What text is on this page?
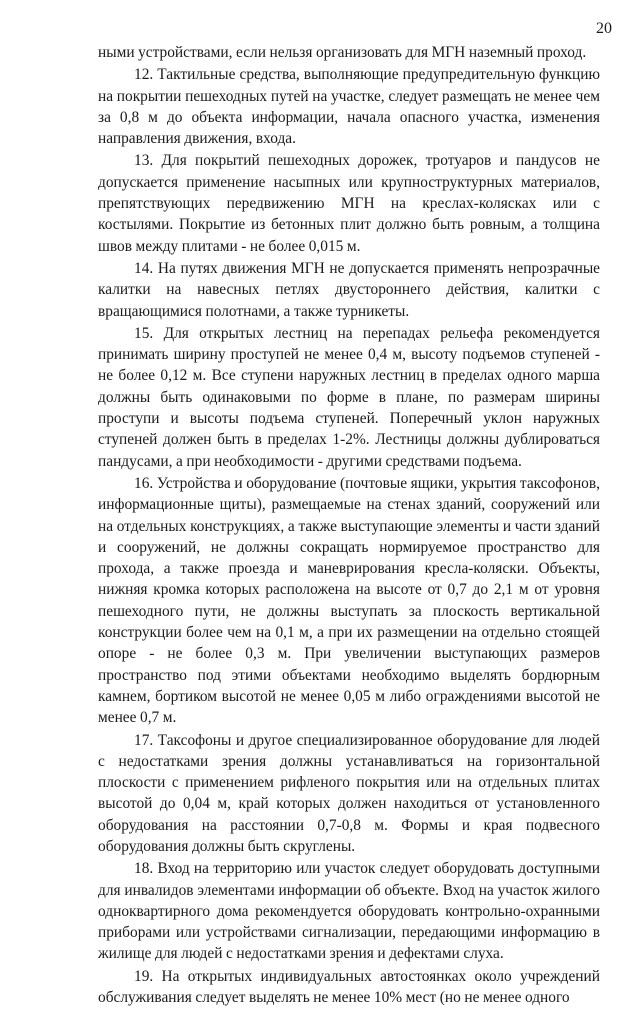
20

ными устройствами, если нельзя организовать для МГН наземный проход.

12. Тактильные средства, выполняющие предупредительную функцию на покрытии пешеходных путей на участке, следует размещать не менее чем за 0,8 м до объекта информации, начала опасного участка, изменения направления движения, входа.

13. Для покрытий пешеходных дорожек, тротуаров и пандусов не допускается применение насыпных или крупноструктурных материалов, препятствующих передвижению МГН на креслах-колясках или с костылями. Покрытие из бетонных плит должно быть ровным, а толщина швов между плитами - не более 0,015 м.

14. На путях движения МГН не допускается применять непрозрачные калитки на навесных петлях двустороннего действия, калитки с вращающимися полотнами, а также турникеты.

15. Для открытых лестниц на перепадах рельефа рекомендуется принимать ширину проступей не менее 0,4 м, высоту подъемов ступеней - не более 0,12 м. Все ступени наружных лестниц в пределах одного марша должны быть одинаковыми по форме в плане, по размерам ширины проступи и высоты подъема ступеней. Поперечный уклон наружных ступеней должен быть в пределах 1-2%. Лестницы должны дублироваться пандусами, а при необходимости - другими средствами подъема.

16. Устройства и оборудование (почтовые ящики, укрытия таксофонов, информационные щиты), размещаемые на стенах зданий, сооружений или на отдельных конструкциях, а также выступающие элементы и части зданий и сооружений, не должны сокращать нормируемое пространство для прохода, а также проезда и маневрирования кресла-коляски. Объекты, нижняя кромка которых расположена на высоте от 0,7 до 2,1 м от уровня пешеходного пути, не должны выступать за плоскость вертикальной конструкции более чем на 0,1 м, а при их размещении на отдельно стоящей опоре - не более 0,3 м. При увеличении выступающих размеров пространство под этими объектами необходимо выделять бордюрным камнем, бортиком высотой не менее 0,05 м либо ограждениями высотой не менее 0,7 м.

17. Таксофоны и другое специализированное оборудование для людей с недостатками зрения должны устанавливаться на горизонтальной плоскости с применением рифленого покрытия или на отдельных плитах высотой до 0,04 м, край которых должен находиться от установленного оборудования на расстоянии 0,7-0,8 м. Формы и края подвесного оборудования должны быть скруглены.

18. Вход на территорию или участок следует оборудовать доступными для инвалидов элементами информации об объекте. Вход на участок жилого одноквартирного дома рекомендуется оборудовать контрольно-охранными приборами или устройствами сигнализации, передающими информацию в жилище для людей с недостатками зрения и дефектами слуха.

19. На открытых индивидуальных автостоянках около учреждений обслуживания следует выделять не менее 10% мест (но не менее одного
